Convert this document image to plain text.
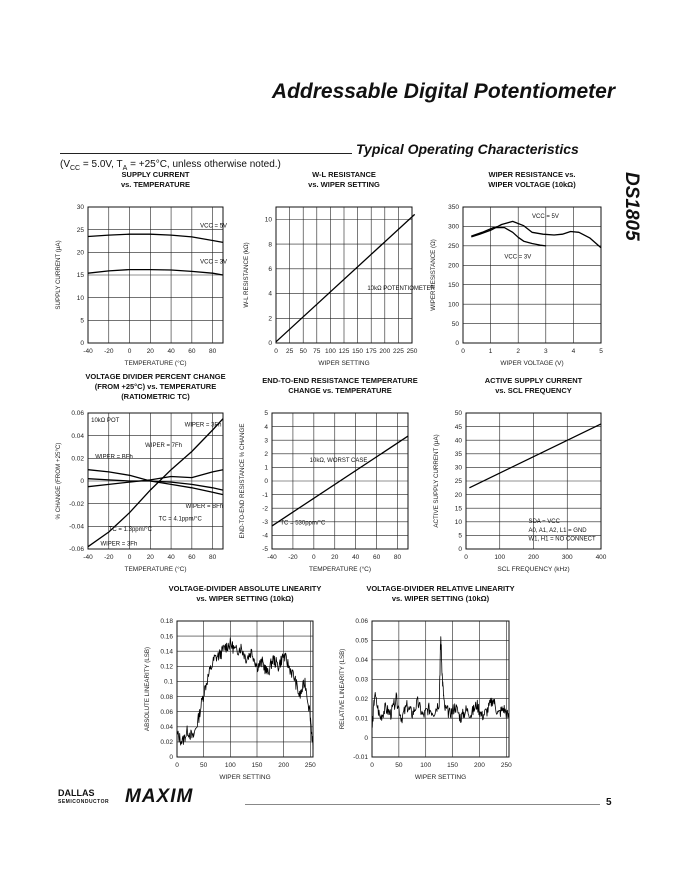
Addressable Digital Potentiometer
DS1805
Typical Operating Characteristics
($V_{CC} = 5.0V$, $T_A = +25^\circ C$, unless otherwise noted.)
-40 -20 0 20 40 60 80
0
5
10
15
20
25
30
SUPPLY CURRENT
vs. TEMPERATURE
TEMPERATURE (°C)
SUPPLY CURRENT (μA)
VCC = 5V
VCC = 3V
0 25 50 75 100 125 150 175 200 225 250
0
2
4
6
8
10
W-L RESISTANCE
vs. WIPER SETTING
WIPER SETTING
W-L RESISTANCE (kΩ)	10kΩ POTENTIOMETER
0	1	2	3	4	5
0
50
100
150
200
250
300
350
WIPER RESISTANCE vs.
WIPER VOLTAGE (10kΩ)
WIPER VOLTAGE (V)
WIPER RESISTANCE (Ω)
VCC = 5V
VCC = 3V
-40 -20 0 20 40 60 80
-0.06
-0.04
-0.02
0
0.02
0.04
0.06
VOLTAGE DIVIDER PERCENT CHANGE
(FROM +25°C) vs. TEMPERATURE
(RATIOMETRIC TC)
TEMPERATURE (°C)
% CHANGE (FROM +25°C)
10kΩ POT
WIPER = 3Fh
WIPER = 7Fh
WIPER = BFh
WIPER = BFh
TC = 4.1ppm/°C
TC = 1.3ppm/°C
WIPER = 3Fh
-40 -20 0 20 40 60 80
-5
-4
-3
-2
-1
0
1
2
3
4
5
END-TO-END RESISTANCE TEMPERATURE
CHANGE vs. TEMPERATURE
TEMPERATURE (°C)
END-TO-END RESISTANCE % CHANGE	10kΩ, WORST CASE
TC = 530ppm/°C
0	100	200	300	400
0
5
10
15
20
25
30
35
40
45
50
ACTIVE SUPPLY CURRENT
vs. SCL FREQUENCY
SCL FREQUENCY (kHz)
ACTIVE SUPPLY CURRENT (μA)	SDA = VCC
A0, A1, A2, L1 = GND
W1, H1 = NO CONNECT
0	50	100 150 200 250
0
0.02
0.04
0.06
0.08
0.1
0.12
0.14
0.16
0.18
VOLTAGE-DIVIDER ABSOLUTE LINEARITY
vs. WIPER SETTING (10kΩ)
WIPER SETTING
ABSOLUTE LINEARITY (LSB)
0	50	100 150 200 250
-0.01
0
0.01
0.02
0.03
0.04
0.05
0.06
VOLTAGE-DIVIDER RELATIVE LINEARITY
vs. WIPER SETTING (10kΩ)
WIPER SETTING
RELATIVE LINEARITY (LSB)
DALLAS
SEMICONDUCTOR MAXIM	5
